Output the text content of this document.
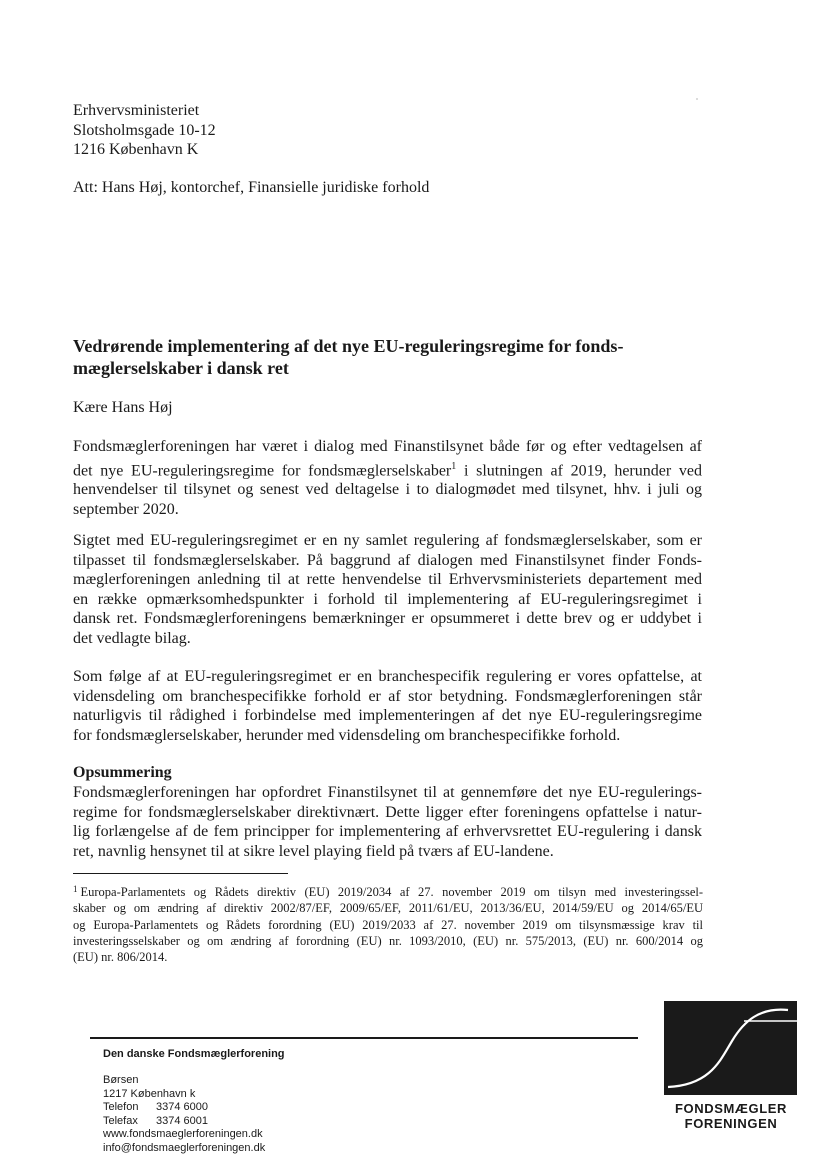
Erhvervsministeriet
Slotsholmsgade 10-12
1216 København K
Att: Hans Høj, kontorchef, Finansielle juridiske forhold
Vedrørende implementering af det nye EU-reguleringsregime for fonds-
mæglerselskaber i dansk ret
Kære Hans Høj
Fondsmæglerforeningen har været i dialog med Finanstilsynet både før og efter vedtagelsen af
det nye EU-reguleringsregime for fondsmæglerselskaber$^1$ i slutningen af 2019, herunder ved
henvendelser til tilsynet og senest ved deltagelse i to dialogmødet med tilsynet, hhv. i juli og
september 2020.
Sigtet med EU-reguleringsregimet er en ny samlet regulering af fondsmæglerselskaber, som er
tilpasset til fondsmæglerselskaber. På baggrund af dialogen med Finanstilsynet finder Fonds-
mæglerforeningen anledning til at rette henvendelse til Erhvervsministeriets departement med
en række opmærksomhedspunkter i forhold til implementering af EU-reguleringsregimet i
dansk ret. Fondsmæglerforeningens bemærkninger er opsummeret i dette brev og er uddybet i
det vedlagte bilag.
Som følge af at EU-reguleringsregimet er en branchespecifik regulering er vores opfattelse, at
vidensdeling om branchespecifikke forhold er af stor betydning. Fondsmæglerforeningen står
naturligvis til rådighed i forbindelse med implementeringen af det nye EU-reguleringsregime
for fondsmæglerselskaber, herunder med vidensdeling om branchespecifikke forhold.
Opsummering
Fondsmæglerforeningen har opfordret Finanstilsynet til at gennemføre det nye EU-regulerings-
regime for fondsmæglerselskaber direktivnært. Dette ligger efter foreningens opfattelse i natur-
lig forlængelse af de fem principper for implementering af erhvervsrettet EU-regulering i dansk
ret, navnlig hensynet til at sikre level playing field på tværs af EU-landene.
$^1$ Europa-Parlamentets og Rådets direktiv (EU) 2019/2034 af 27. november 2019 om tilsyn med investeringssel-
skaber og om ændring af direktiv 2002/87/EF, 2009/65/EF, 2011/61/EU, 2013/36/EU, 2014/59/EU og 2014/65/EU
og Europa-Parlamentets og Rådets forordning (EU) 2019/2033 af 27. november 2019 om tilsynsmæssige krav til
investeringsselskaber og om ændring af forordning (EU) nr. 1093/2010, (EU) nr. 575/2013, (EU) nr. 600/2014 og
(EU) nr. 806/2014.
Den danske Fondsmæglerforening
Børsen
1217 København k
Telefon 3374 6000
Telefax 3374 6001
www.fondsmaeglerforeningen.dk
info@fondsmaeglerforeningen.dk
FONDSMÆGLER
FORENINGEN
